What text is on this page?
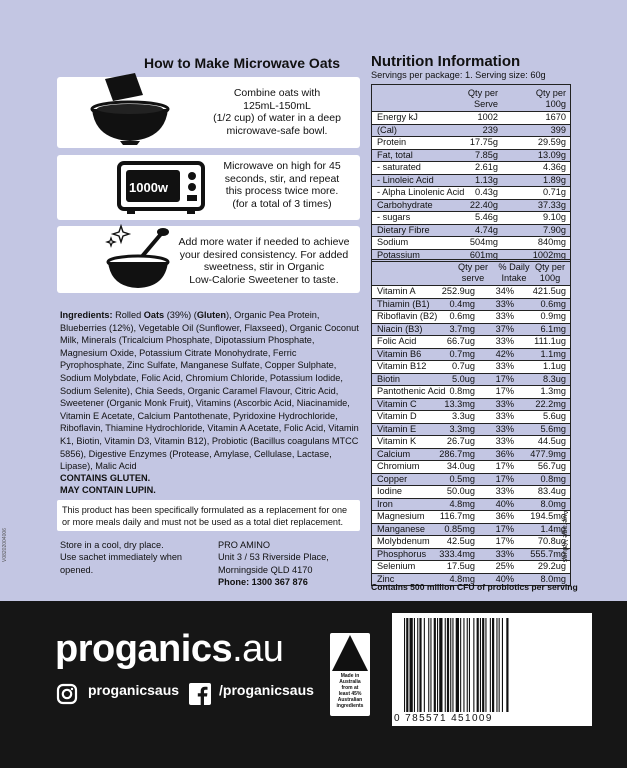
How to Make Microwave Oats
Combine oats with
125mL-150mL
(1/2 cup) of water in a deep
microwave-safe bowl.
1000w
Microwave on high for 45
seconds, stir, and repeat
this process twice more.
(for a total of 3 times)
Add more water if needed to achieve
your desired consistency. For added
sweetness, stir in Organic
Low-Calorie Sweetener to taste.
Ingredients: Rolled Oats (39%) (Gluten), Organic Pea Protein, Blueberries (12%), Vegetable Oil (Sunflower, Flaxseed), Organic Coconut Milk, Minerals (Tricalcium Phosphate, Dipotassium Phosphate, Magnesium Oxide, Potassium Citrate Monohydrate, Ferric Pyrophosphate, Zinc Sulfate, Manganese Sulfate, Copper Sulphate, Sodium Molybdate, Folic Acid, Chromium Chloride, Potassium Iodide, Sodium Selenite), Chia Seeds, Organic Caramel Flavour, Citric Acid, Sweetener (Organic Monk Fruit), Vitamins (Ascorbic Acid, Niacinamide, Vitamin E Acetate, Calcium Pantothenate, Pyridoxine Hydrochloride, Riboflavin, Thiamine Hydrochloride, Vitamin A Acetate, Folic Acid, Vitamin K1, Biotin, Vitamin D3, Vitamin B12), Probiotic (Bacillus coagulans MTCC 5856), Digestive Enzymes (Protease, Amylase, Cellulase, Lactase, Lipase), Malic Acid
CONTAINS GLUTEN.
MAY CONTAIN LUPIN.
This product has been specifically formulated as a replacement for one or more meals daily and must not be used as a total diet replacement.
Store in a cool, dry place.
Use sachet immediately when
opened.
PRO AMINO
Unit 3 / 53 Riverside Place,
Morningside QLD 4170
Phone: 1300 367 876
V08202004006
Nutrition Information
Servings per package: 1. Serving size: 60g
Qty per
Serve
Qty per
100g
Energy kJ	1002	1670
(Cal)	239	399
Protein	17.75g	29.59g
Fat, total	7.85g	13.09g
- saturated	2.61g	4.36g
- Linoleic Acid	1.13g	1.89g
- Alpha Linolenic Acid 0.43g	0.71g
Carbohydrate	22.40g	37.33g
- sugars	5.46g	9.10g
Dietary Fibre	4.74g	7.90g
Sodium	504mg	840mg
Potassium	601mg	1002mg
Qty per
serve
% Daily
Intake
Qty per
100g
Vitamin A	252.9ug 34% 421.5ug
Thiamin (B1) 0.4mg 33%	0.6mg
Riboflavin (B2) 0.6mg 33%	0.9mg
Niacin (B3)	3.7mg 37%	6.1mg
Folic Acid	66.7ug 33% 111.1ug
Vitamin B6	0.7mg 42%	1.1mg
Vitamin B12	0.7ug 33%	1.1ug
Biotin	5.0ug 17%	8.3ug
Pantothenic Acid 0.8mg 17%	1.3mg
Vitamin C	13.3mg 33% 22.2mg
Vitamin D	3.3ug 33%	5.6ug
Vitamin E	3.3mg 33%	5.6mg
Vitamin K	26.7ug 33%	44.5ug
Calcium	286.7mg 36% 477.9mg
Chromium	34.0ug 17%	56.7ug
Copper	0.5mg 17%	0.8mg
Iodine	50.0ug 33%	83.4ug
Iron	4.8mg 40%	8.0mg
Magnesium 116.7mg 36% 194.5mg
Manganese 0.85mg 17%	1.4mg
Molybdenum 42.5ug 17%	70.8ug
Phosphorus 333.4mg 33% 555.7mg
Selenium	17.5ug 25%	29.2ug
Zinc	4.8mg 40%	8.0mg
Average Values
Contains 500 million CFU of probiotics per serving
proganics.au
proganicsaus	/proganicsaus
Made in
Australia
from at
least 45%
Australian
ingredients
0 785571 451009
